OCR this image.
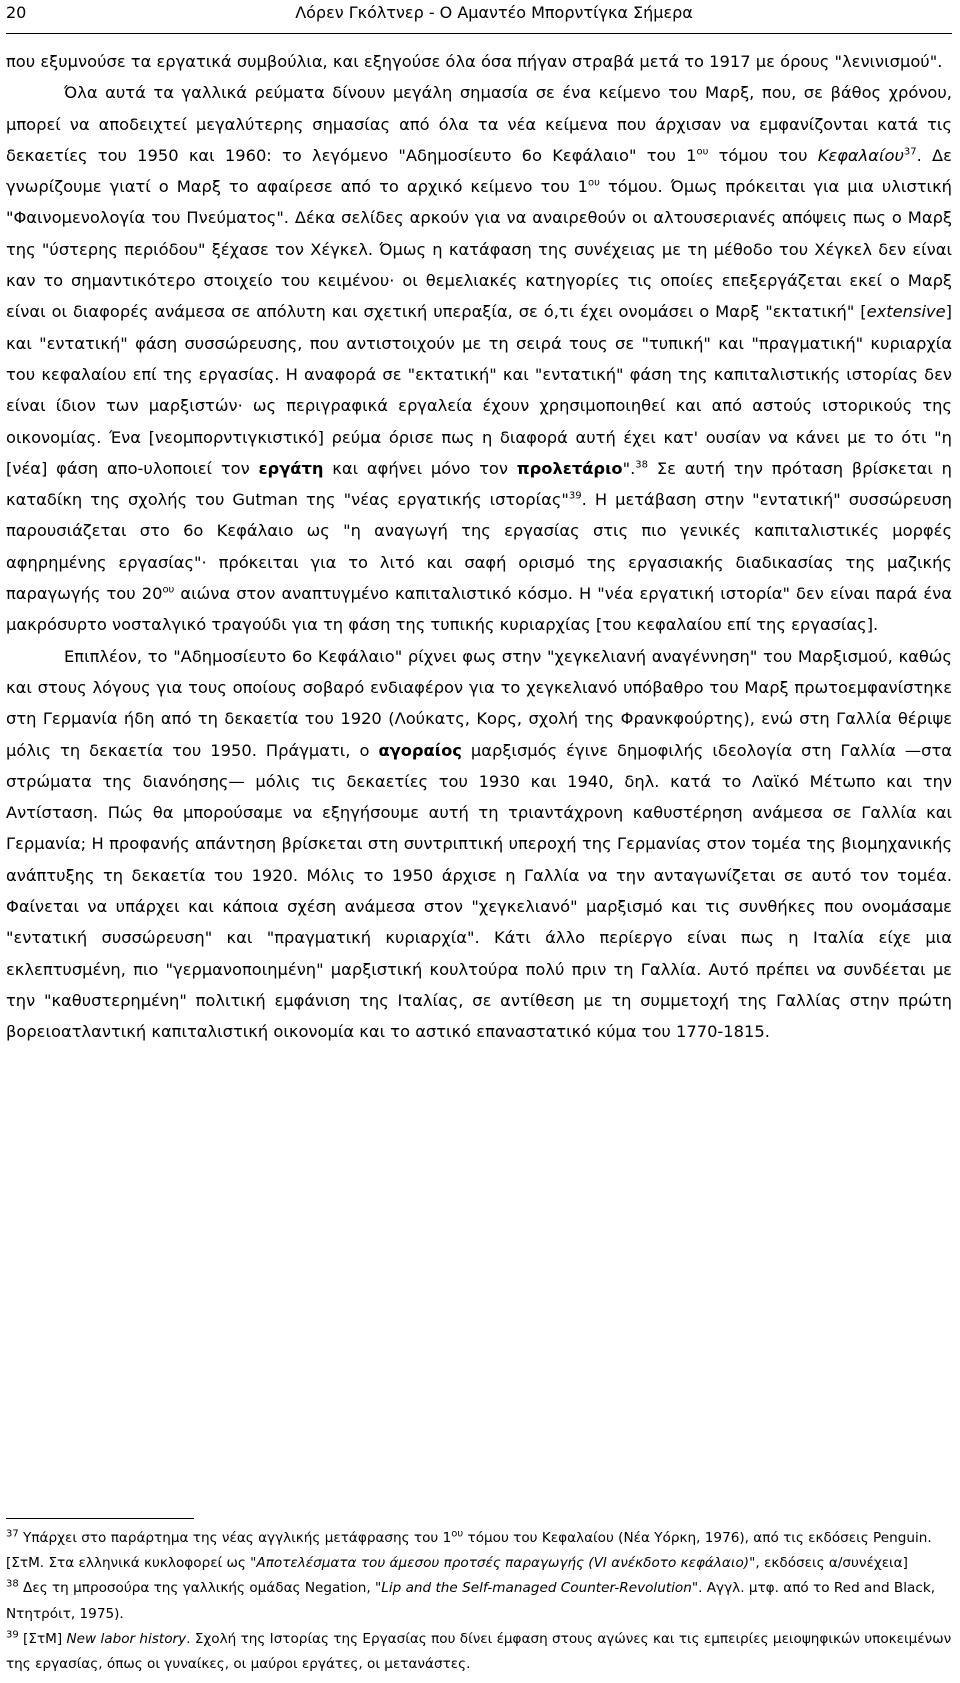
20	Λόρεν Γκόλτνερ - Ο Αμαντέο Μπορντίγκα Σήμερα

που εξυμνούσε τα εργατικά συμβούλια, και εξηγούσε όλα όσα πήγαν στραβά μετά το 1917 με όρους "λενινισμού".

Όλα αυτά τα γαλλικά ρεύματα δίνουν μεγάλη σημασία σε ένα κείμενο του Μαρξ, που, σε βάθος χρόνου, μπορεί να αποδειχτεί μεγαλύτερης σημασίας από όλα τα νέα κείμενα που άρχισαν να εμφανίζονται κατά τις δεκαετίες του 1950 και 1960: το λεγόμενο "Αδημοσίευτο 6ο Κεφάλαιο" του $1^{o\upsilon}$ τόμου του Κεφαλαίου$^{37}$. Δε γνωρίζουμε γιατί ο Μαρξ το αφαίρεσε από το αρχικό κείμενο του $1^{o\upsilon}$ τόμου. Όμως πρόκειται για μια υλιστική "Φαινομενολογία του Πνεύματος". Δέκα σελίδες αρκούν για να αναιρεθούν οι αλτουσεριανές απόψεις πως ο Μαρξ της "ύστερης περιόδου" ξέχασε τον Χέγκελ. Όμως η κατάφαση της συνέχειας με τη μέθοδο του Χέγκελ δεν είναι καν το σημαντικότερο στοιχείο του κειμένου· οι θεμελιακές κατηγορίες τις οποίες επεξεργάζεται εκεί ο Μαρξ είναι οι διαφορές ανάμεσα σε απόλυτη και σχετική υπεραξία, σε ό,τι έχει ονομάσει ο Μαρξ "εκτατική" [extensive] και "εντατική" φάση συσσώρευσης, που αντιστοιχούν με τη σειρά τους σε "τυπική" και "πραγματική" κυριαρχία του κεφαλαίου επί της εργασίας. Η αναφορά σε "εκτατική" και "εντατική" φάση της καπιταλιστικής ιστορίας δεν είναι ίδιον των μαρξιστών· ως περιγραφικά εργαλεία έχουν χρησιμοποιηθεί και από αστούς ιστορικούς της οικονομίας. Ένα [νεομπορντιγκιστικό] ρεύμα όρισε πως η διαφορά αυτή έχει κατ' ουσίαν να κάνει με το ότι "η [νέα] φάση απο-υλοποιεί τον εργάτη και αφήνει μόνο τον προλετάριο".$^{38}$ Σε αυτή την πρόταση βρίσκεται η καταδίκη της σχολής του Gutman της "νέας εργατικής ιστορίας"$^{39}$. Η μετάβαση στην "εντατική" συσσώρευση παρουσιάζεται στο 6ο Κεφάλαιο ως "η αναγωγή της εργασίας στις πιο γενικές καπιταλιστικές μορφές αφηρημένης εργασίας"· πρόκειται για το λιτό και σαφή ορισμό της εργασιακής διαδικασίας της μαζικής παραγωγής του $20^{o\upsilon}$ αιώνα στον αναπτυγμένο καπιταλιστικό κόσμο. Η "νέα εργατική ιστορία" δεν είναι παρά ένα μακρόσυρτο νοσταλγικό τραγούδι για τη φάση της τυπικής κυριαρχίας [του κεφαλαίου επί της εργασίας].

Επιπλέον, το "Αδημοσίευτο 6ο Κεφάλαιο" ρίχνει φως στην "χεγκελιανή αναγέννηση" του Μαρξισμού, καθώς και στους λόγους για τους οποίους σοβαρό ενδιαφέρον για το χεγκελιανό υπόβαθρο του Μαρξ πρωτοεμφανίστηκε στη Γερμανία ήδη από τη δεκαετία του 1920 (Λούκατς, Κορς, σχολή της Φρανκφούρτης), ενώ στη Γαλλία θέριψε μόλις τη δεκαετία του 1950. Πράγματι, ο αγοραίος μαρξισμός έγινε δημοφιλής ιδεολογία στη Γαλλία —στα στρώματα της διανόησης— μόλις τις δεκαετίες του 1930 και 1940, δηλ. κατά το Λαϊκό Μέτωπο και την Αντίσταση. Πώς θα μπορούσαμε να εξηγήσουμε αυτή τη τριαντάχρονη καθυστέρηση ανάμεσα σε Γαλλία και Γερμανία; Η προφανής απάντηση βρίσκεται στη συντριπτική υπεροχή της Γερμανίας στον τομέα της βιομηχανικής ανάπτυξης τη δεκαετία του 1920. Μόλις το 1950 άρχισε η Γαλλία να την ανταγωνίζεται σε αυτό τον τομέα. Φαίνεται να υπάρχει και κάποια σχέση ανάμεσα στον "χεγκελιανό" μαρξισμό και τις συνθήκες που ονομάσαμε "εντατική συσσώρευση" και "πραγματική κυριαρχία". Κάτι άλλο περίεργο είναι πως η Ιταλία είχε μια εκλεπτυσμένη, πιο "γερμανοποιημένη" μαρξιστική κουλτούρα πολύ πριν τη Γαλλία. Αυτό πρέπει να συνδέεται με την "καθυστερημένη" πολιτική εμφάνιση της Ιταλίας, σε αντίθεση με τη συμμετοχή της Γαλλίας στην πρώτη βορειοατλαντική καπιταλιστική οικονομία και το αστικό επαναστατικό κύμα του 1770-1815.

$^{37}$ Υπάρχει στο παράρτημα της νέας αγγλικής μετάφρασης του $1^{o\upsilon}$ τόμου του Κεφαλαίου (Νέα Υόρκη, 1976), από τις εκδόσεις Penguin. [ΣτΜ. Στα ελληνικά κυκλοφορεί ως "Αποτελέσματα του άμεσου προτσές παραγωγής (VI ανέκδοτο κεφάλαιο)", εκδόσεις α/συνέχεια]

$^{38}$ Δες τη μπροσούρα της γαλλικής ομάδας Negation, "Lip and the Self-managed Counter-Revolution". Αγγλ. μτφ. από το Red and Black, Ντητρόιτ, 1975).

$^{39}$ [ΣτΜ] New labor history. Σχολή της Ιστορίας της Εργασίας που δίνει έμφαση στους αγώνες και τις εμπειρίες μειοψηφικών υποκειμένων της εργασίας, όπως οι γυναίκες, οι μαύροι εργάτες, οι μετανάστες.
